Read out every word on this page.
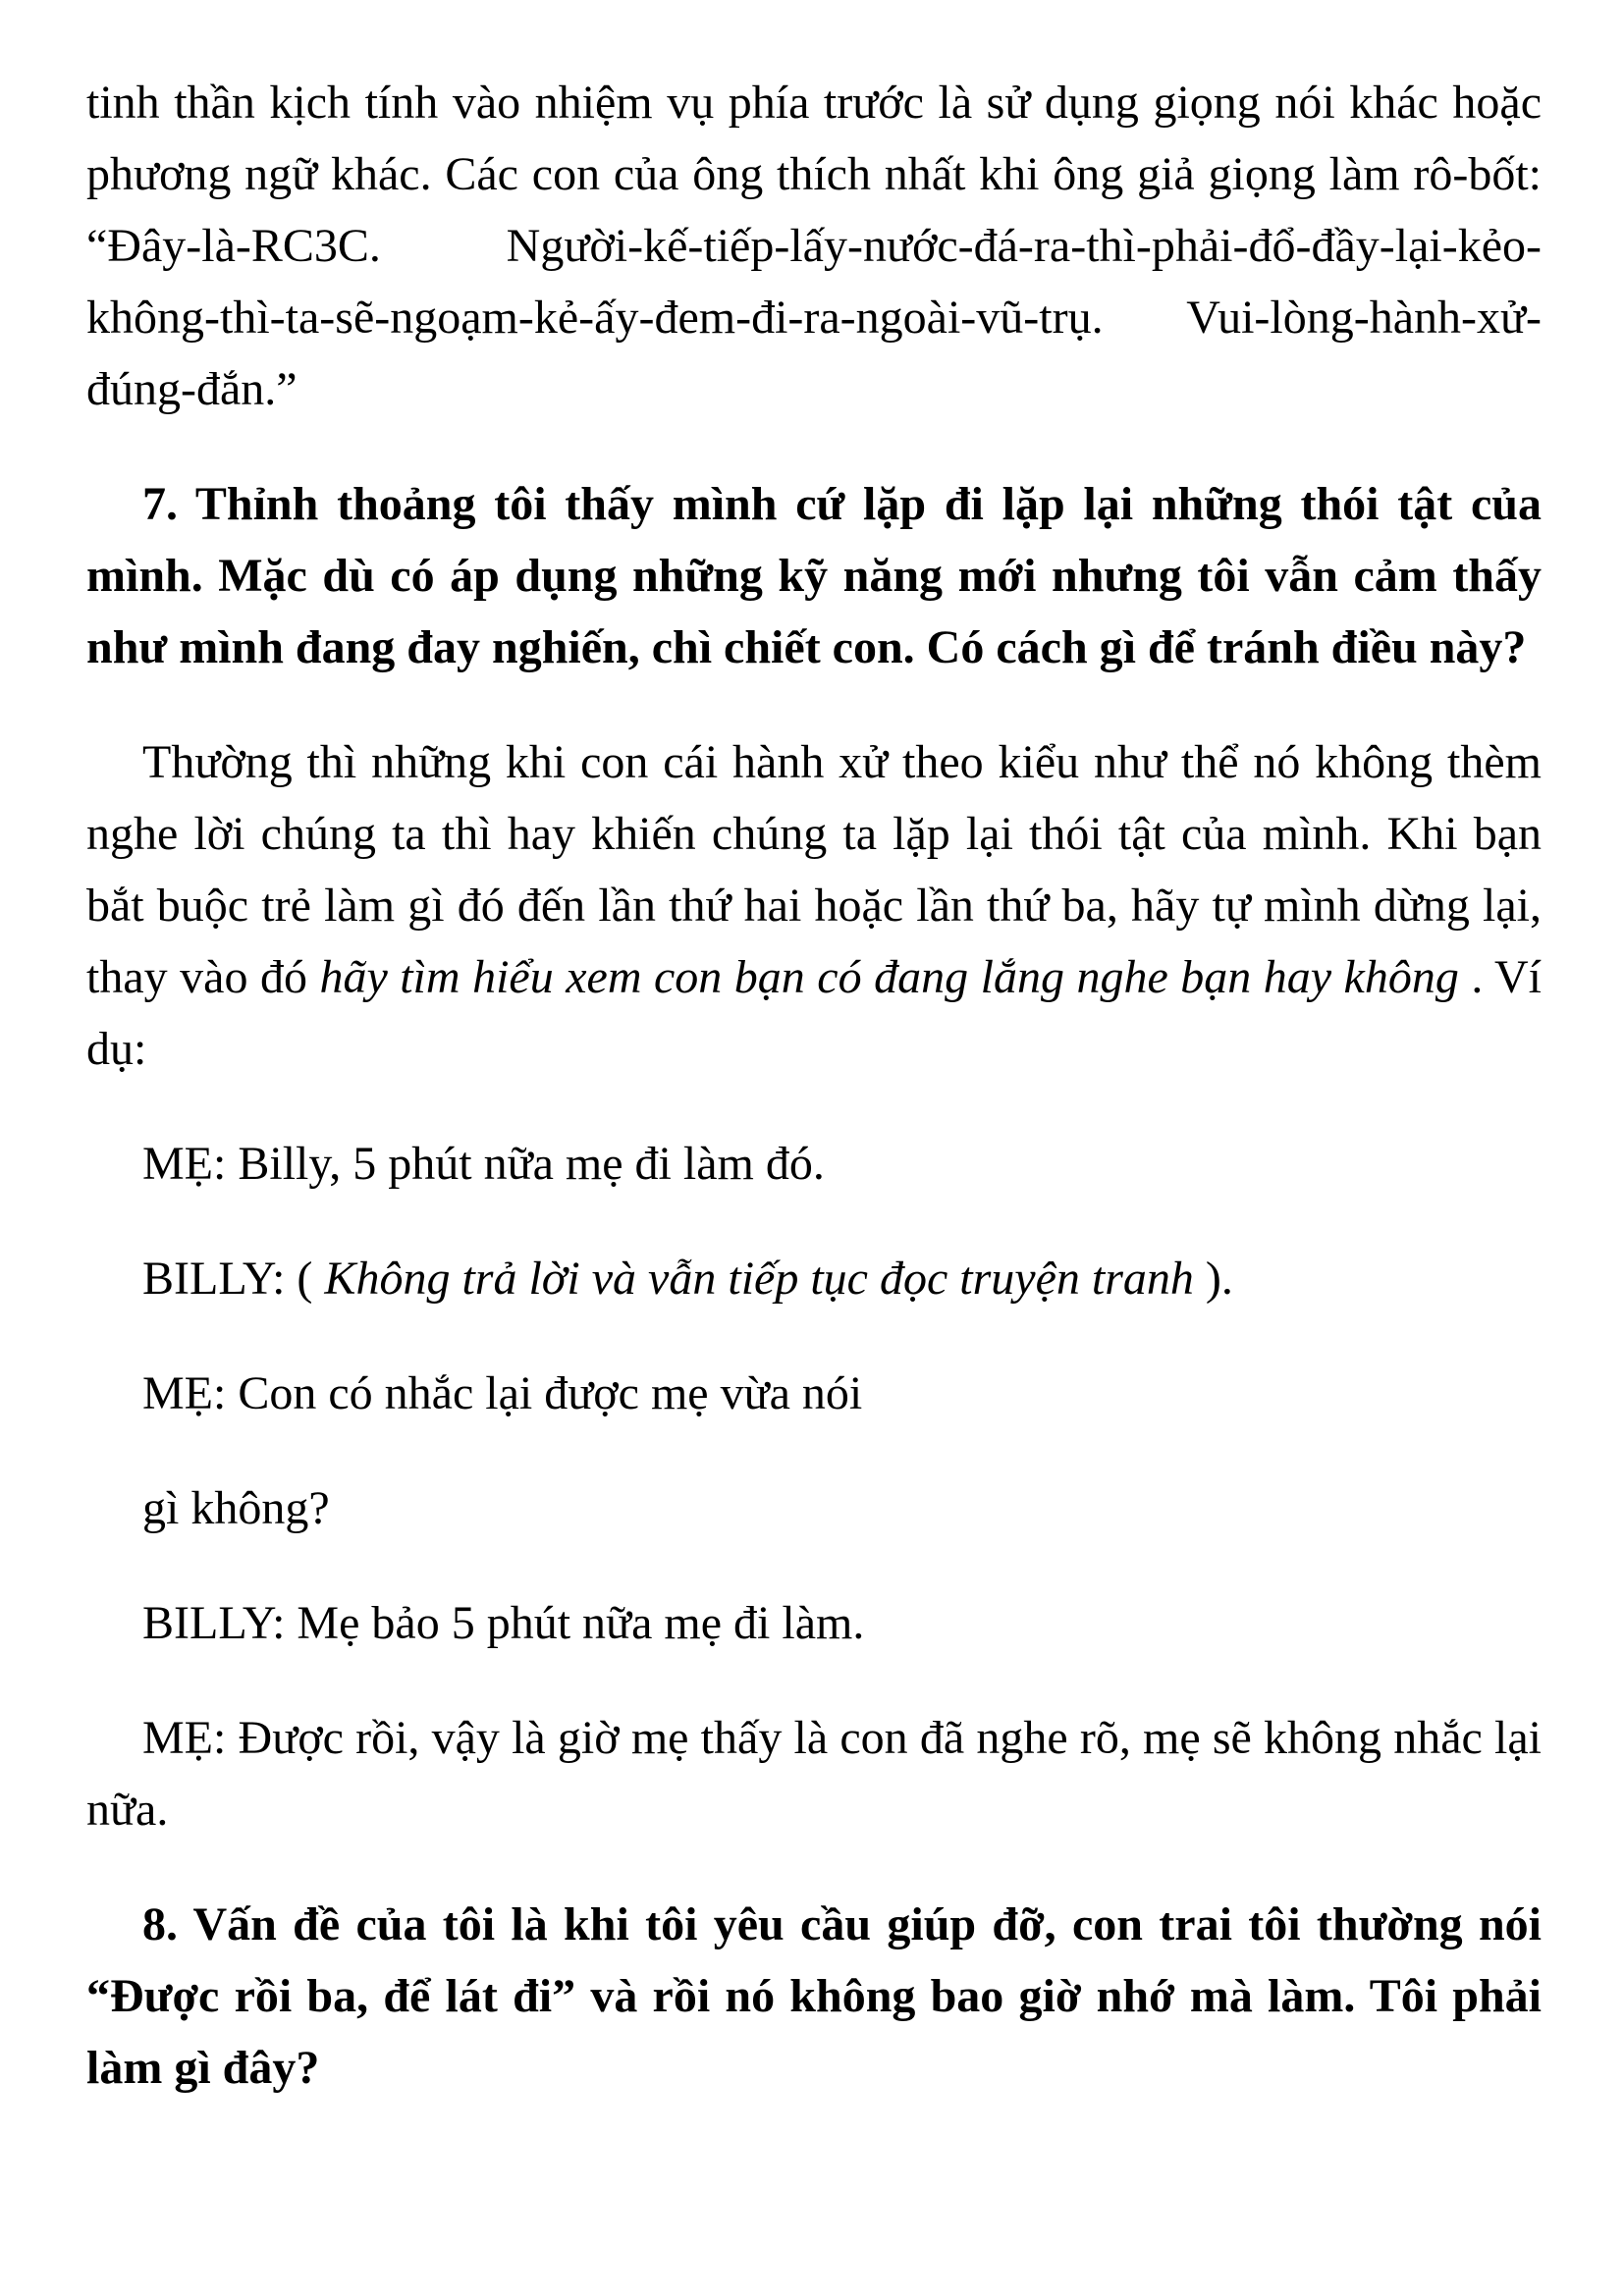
tinh thần kịch tính vào nhiệm vụ phía trước là sử dụng giọng nói khác hoặc phương ngữ khác. Các con của ông thích nhất khi ông giả giọng làm rô-bốt: “Đây-là-RC3C. Người-kế-tiếp-lấy-nước-đá-ra-thì-phải-đổ-đầy-lại-kẻo-không-thì-ta-sẽ-ngoạm-kẻ-ấy-đem-đi-ra-ngoài-vũ-trụ. Vui-lòng-hành-xử-đúng-đắn.”

7. Thỉnh thoảng tôi thấy mình cứ lặp đi lặp lại những thói tật của mình. Mặc dù có áp dụng những kỹ năng mới nhưng tôi vẫn cảm thấy như mình đang đay nghiến, chì chiết con. Có cách gì để tránh điều này?

Thường thì những khi con cái hành xử theo kiểu như thể nó không thèm nghe lời chúng ta thì hay khiến chúng ta lặp lại thói tật của mình. Khi bạn bắt buộc trẻ làm gì đó đến lần thứ hai hoặc lần thứ ba, hãy tự mình dừng lại, thay vào đó hãy tìm hiểu xem con bạn có đang lắng nghe bạn hay không . Ví dụ:

MẸ: Billy, 5 phút nữa mẹ đi làm đó.

BILLY: ( Không trả lời và vẫn tiếp tục đọc truyện tranh ).

MẸ: Con có nhắc lại được mẹ vừa nói

gì không?

BILLY: Mẹ bảo 5 phút nữa mẹ đi làm.

MẸ: Được rồi, vậy là giờ mẹ thấy là con đã nghe rõ, mẹ sẽ không nhắc lại nữa.

8. Vấn đề của tôi là khi tôi yêu cầu giúp đỡ, con trai tôi thường nói “Được rồi ba, để lát đi” và rồi nó không bao giờ nhớ mà làm. Tôi phải làm gì đây?
